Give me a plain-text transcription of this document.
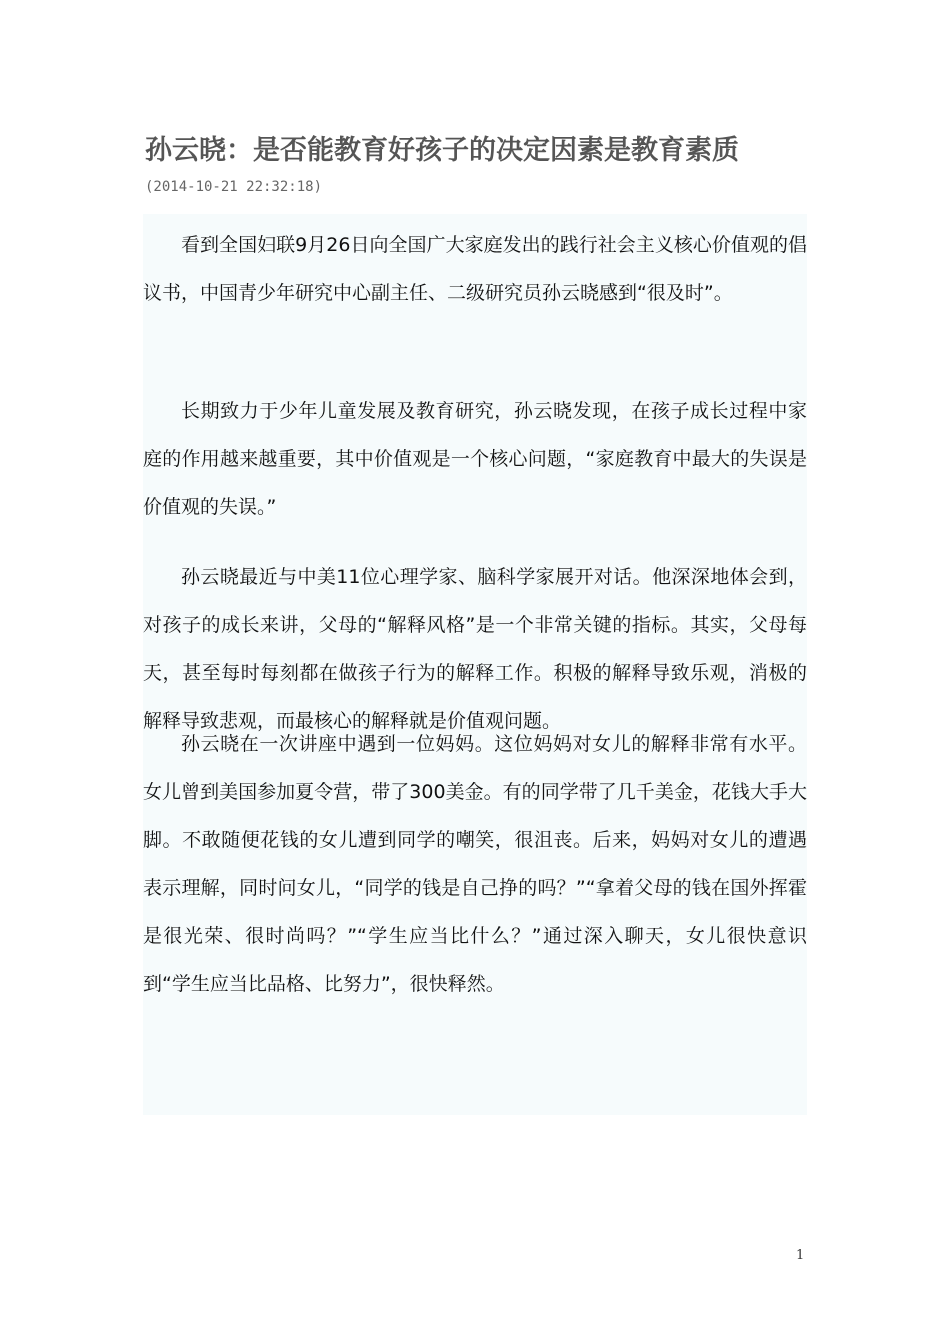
孙云晓：是否能教育好孩子的决定因素是教育素质
(2014-10-21 22:32:18)

看到全国妇联9月26日向全国广大家庭发出的践行社会主义核心价值观的倡议书，中国青少年研究中心副主任、二级研究员孙云晓感到“很及时”。

长期致力于少年儿童发展及教育研究，孙云晓发现，在孩子成长过程中家庭的作用越来越重要，其中价值观是一个核心问题，“家庭教育中最大的失误是价值观的失误。”

孙云晓最近与中美11位心理学家、脑科学家展开对话。他深深地体会到，对孩子的成长来讲，父母的“解释风格”是一个非常关键的指标。其实，父母每天，甚至每时每刻都在做孩子行为的解释工作。积极的解释导致乐观，消极的解释导致悲观，而最核心的解释就是价值观问题。

孙云晓在一次讲座中遇到一位妈妈。这位妈妈对女儿的解释非常有水平。女儿曾到美国参加夏令营，带了300美金。有的同学带了几千美金，花钱大手大脚。不敢随便花钱的女儿遭到同学的嘲笑，很沮丧。后来，妈妈对女儿的遭遇表示理解，同时问女儿，“同学的钱是自己挣的吗？”“拿着父母的钱在国外挥霍是很光荣、很时尚吗？”“学生应当比什么？”通过深入聊天，女儿很快意识到“学生应当比品格、比努力”，很快释然。

1
